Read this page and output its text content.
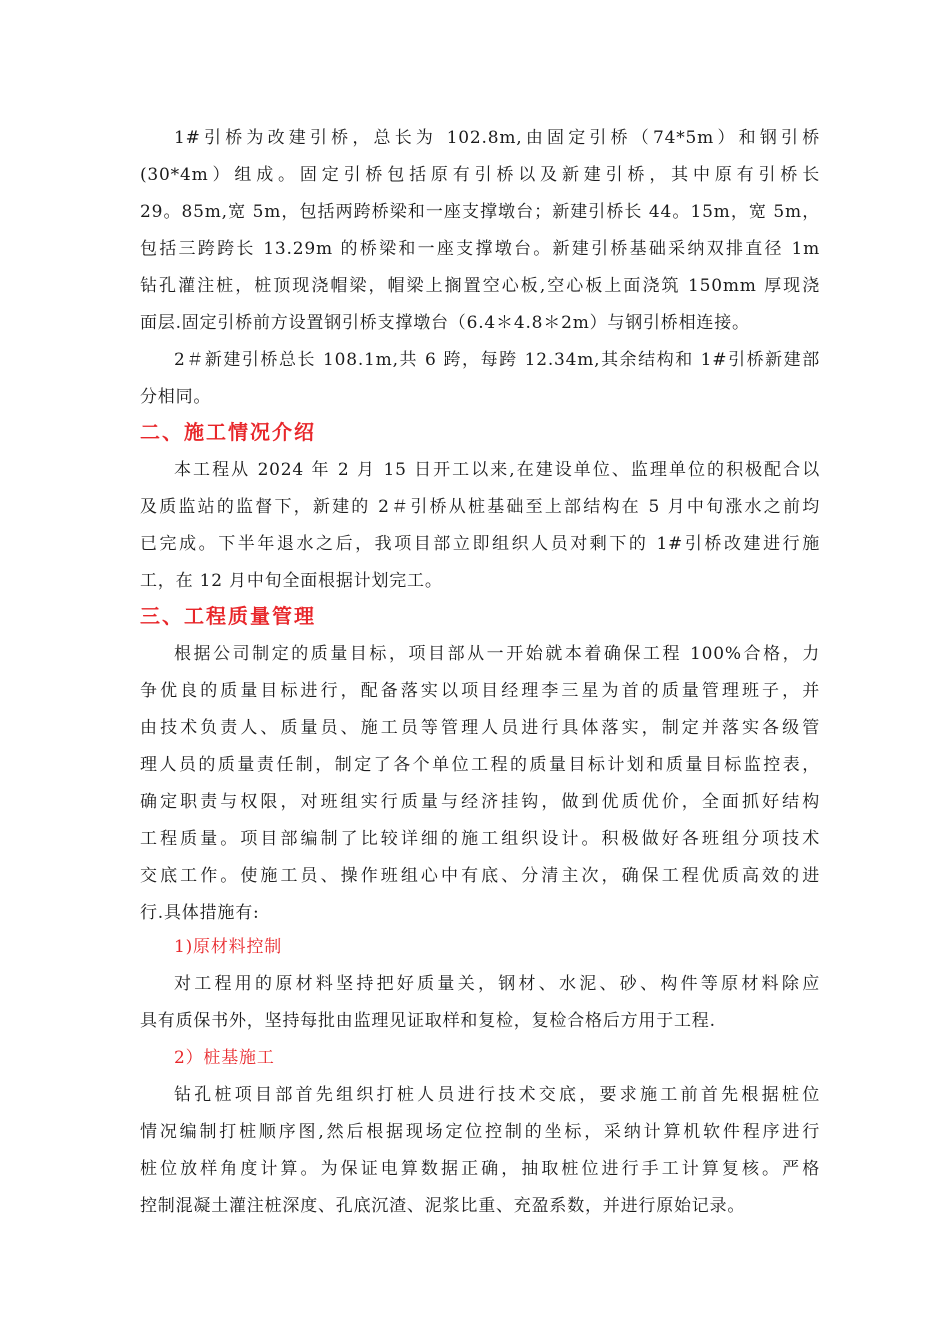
1#引桥为改建引桥，总长为 102.8m,由固定引桥（74*5m）和钢引桥
(30*4m）组成。固定引桥包括原有引桥以及新建引桥，其中原有引桥长
29。85m,宽 5m，包括两跨桥梁和一座支撑墩台；新建引桥长 44。15m，宽 5m，
包括三跨跨长 13.29m 的桥梁和一座支撑墩台。新建引桥基础采纳双排直径 1m
钻孔灌注桩，桩顶现浇帽梁，帽梁上搁置空心板,空心板上面浇筑 150mm 厚现浇
面层.固定引桥前方设置钢引桥支撑墩台（6.4＊4.8＊2m）与钢引桥相连接。
2＃新建引桥总长 108.1m,共 6 跨，每跨 12.34m,其余结构和 1#引桥新建部
分相同。
二、施工情况介绍
本工程从 2024 年 2 月 15 日开工以来,在建设单位、监理单位的积极配合以
及质监站的监督下，新建的 2＃引桥从桩基础至上部结构在 5 月中旬涨水之前均
已完成。下半年退水之后，我项目部立即组织人员对剩下的 1#引桥改建进行施
工，在 12 月中旬全面根据计划完工。
三、工程质量管理
根据公司制定的质量目标，项目部从一开始就本着确保工程 100%合格，力
争优良的质量目标进行，配备落实以项目经理李三星为首的质量管理班子，并
由技术负责人、质量员、施工员等管理人员进行具体落实，制定并落实各级管
理人员的质量责任制，制定了各个单位工程的质量目标计划和质量目标监控表，
确定职责与权限，对班组实行质量与经济挂钩，做到优质优价，全面抓好结构
工程质量。项目部编制了比较详细的施工组织设计。积极做好各班组分项技术
交底工作。使施工员、操作班组心中有底、分清主次，确保工程优质高效的进
行.具体措施有:
1)原材料控制
对工程用的原材料坚持把好质量关，钢材、水泥、砂、构件等原材料除应
具有质保书外，坚持每批由监理见证取样和复检，复检合格后方用于工程.
2）桩基施工
钻孔桩项目部首先组织打桩人员进行技术交底，要求施工前首先根据桩位
情况编制打桩顺序图,然后根据现场定位控制的坐标，采纳计算机软件程序进行
桩位放样角度计算。为保证电算数据正确，抽取桩位进行手工计算复核。严格
控制混凝土灌注桩深度、孔底沉渣、泥浆比重、充盈系数，并进行原始记录。
